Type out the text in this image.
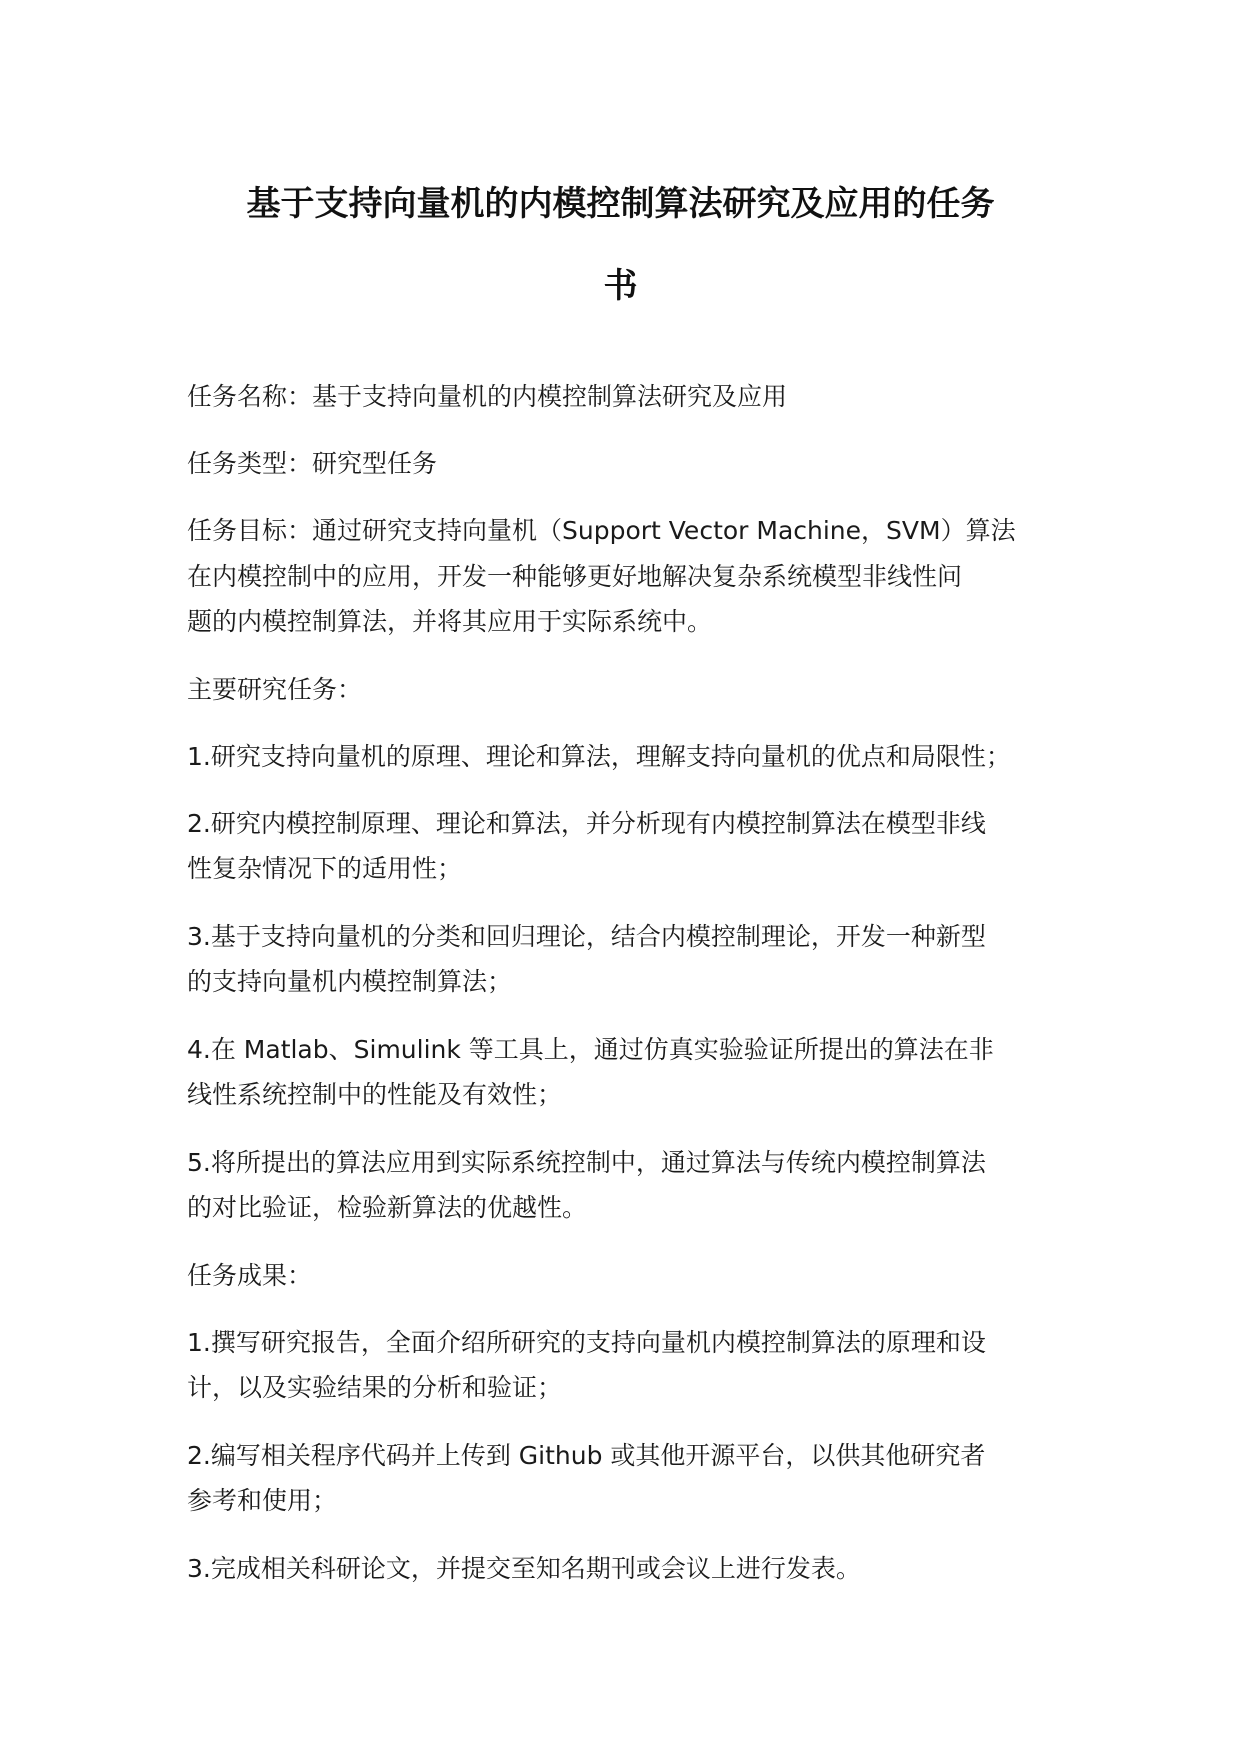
基于支持向量机的内模控制算法研究及应用的任务
书

任务名称：基于支持向量机的内模控制算法研究及应用

任务类型：研究型任务

任务目标：通过研究支持向量机（Support Vector Machine，SVM）算法

在内模控制中的应用，开发一种能够更好地解决复杂系统模型非线性问

题的内模控制算法，并将其应用于实际系统中。

主要研究任务：

1.研究支持向量机的原理、理论和算法，理解支持向量机的优点和局限性；

2.研究内模控制原理、理论和算法，并分析现有内模控制算法在模型非线

性复杂情况下的适用性；

3.基于支持向量机的分类和回归理论，结合内模控制理论，开发一种新型

的支持向量机内模控制算法；

4.在 Matlab、Simulink 等工具上，通过仿真实验验证所提出的算法在非

线性系统控制中的性能及有效性；

5.将所提出的算法应用到实际系统控制中，通过算法与传统内模控制算法

的对比验证，检验新算法的优越性。

任务成果：

1.撰写研究报告，全面介绍所研究的支持向量机内模控制算法的原理和设

计，以及实验结果的分析和验证；

2.编写相关程序代码并上传到 Github 或其他开源平台，以供其他研究者

参考和使用；

3.完成相关科研论文，并提交至知名期刊或会议上进行发表。
